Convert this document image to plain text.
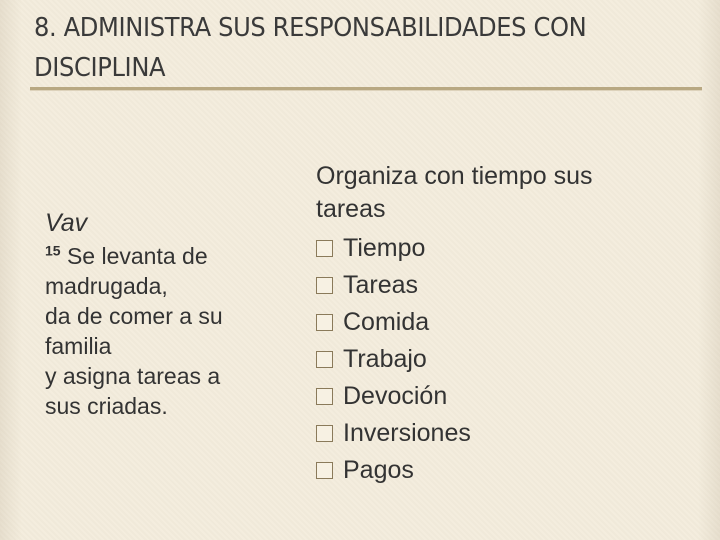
8. ADMINISTRA SUS RESPONSABILIDADES CON DISCIPLINA
Vav
$^{15}$ Se levanta de
madrugada,
da de comer a su
familia
y asigna tareas a
sus criadas.
Organiza con tiempo sus tareas
Tiempo
Tareas
Comida
Trabajo
Devoción
Inversiones
Pagos
